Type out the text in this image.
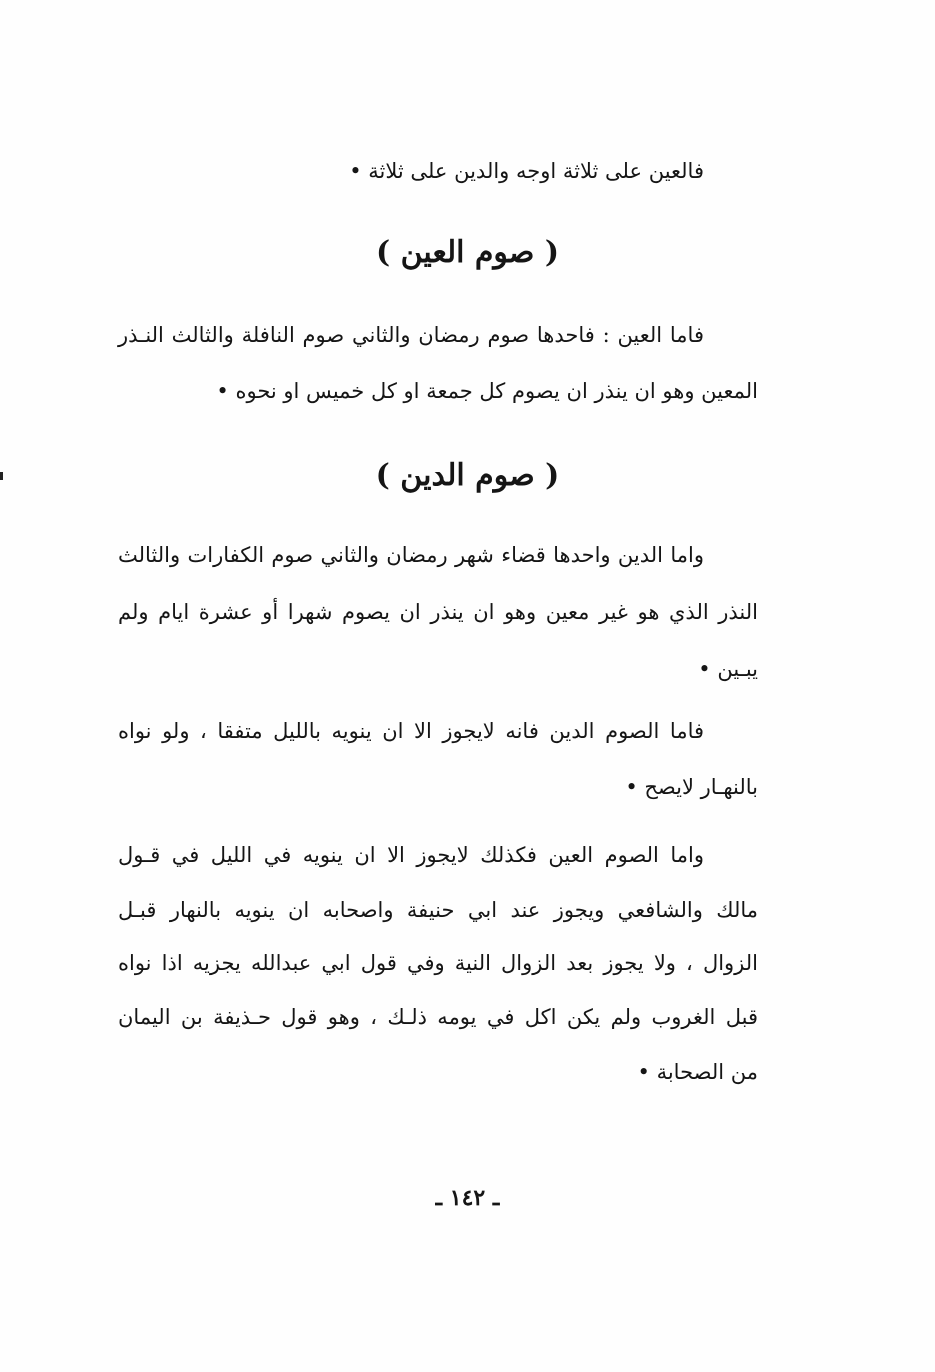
فالعين على ثلاثة اوجه والدين على ثلاثة •
( صوم العين )
فاما العين : فاحدها صوم رمضان والثاني صوم النافلة والثالث النـذر
المعين وهو ان ينذر ان يصوم كل جمعة او كل خميس او نحوه •
( صوم الدين )
واما الدين واحدها قضاء شهر رمضان والثاني صوم الكفارات والثالث
النذر الذي هو غير معين وهو ان ينذر ان يصوم شهرا أو عشرة ايام ولم
يبـين •
فاما الصوم الدين فانه لايجوز الا ان ينويه بالليل متفقا ، ولو نواه
بالنهـار لايصح •
واما الصوم العين فكذلك لايجوز الا ان ينويه في الليل في قـول
مالك والشافعي ويجوز عند ابي حنيفة واصحابه ان ينويه بالنهار قبـل
الزوال ، ولا يجوز بعد الزوال النية وفي قول ابي عبدالله يجزيه اذا نواه
قبل الغروب ولم يكن اكل في يومه ذلـك ، وهو قول حـذيفة بن اليمان
من الصحابة •
ـ ١٤٢ ـ
